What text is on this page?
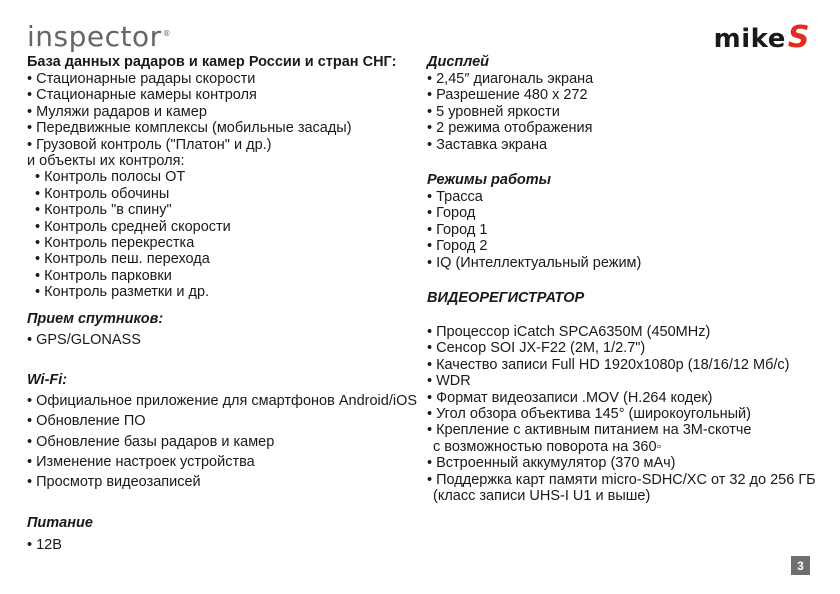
inspector®	mikeS
База данных радаров и камер России и стран СНГ:
• Стационарные радары скорости
• Стационарные камеры контроля
• Муляжи радаров и камер
• Передвижные комплексы (мобильные засады)
• Грузовой контроль ("Платон" и др.)
и объекты их контроля:
• Контроль полосы ОТ
• Контроль обочины
• Контроль "в спину"
• Контроль средней скорости
• Контроль перекрестка
• Контроль пеш. перехода
• Контроль парковки
• Контроль разметки и др.
Прием спутников:
• GPS/GLONASS
Wi-Fi:
• Официальное приложение для смартфонов Android/iOS
• Обновление ПО
• Обновление базы радаров и камер
• Изменение настроек устройства
• Просмотр видеозаписей
Питание
• 12В
Дисплей
• 2,45″ диагональ экрана
• Разрешение 480 х 272
• 5 уровней яркости
• 2 режима отображения
• Заставка экрана
Режимы работы
• Трасса
• Город
• Город 1
• Город 2
• IQ (Интеллектуальный режим)
ВИДЕОРЕГИСТРАТОР
• Процессор iCatch SPCA6350M (450MHz)
• Сенсор SOI JX-F22 (2M, 1/2.7")
• Качество записи Full HD 1920x1080p (18/16/12 Мб/с)
• WDR
• Формат видеозаписи .MOV (H.264 кодек)
• Угол обзора объектива 145° (широкоугольный)
• Крепление с активным питанием на 3М-скотче
с возможностью поворота на 360◦
• Встроенный аккумулятор (370 мАч)
• Поддержка карт памяти micro-SDHC/XC от 32 до 256 ГБ
(класс записи UHS-I U1 и выше)
3
